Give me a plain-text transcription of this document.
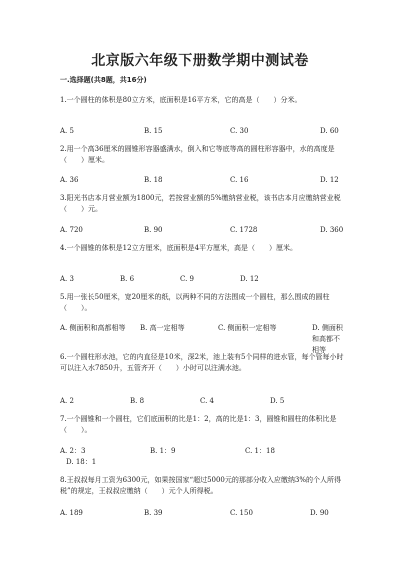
北京版六年级下册数学期中测试卷
一.选择题(共8题，共16分)
1.一个圆柱的体积是80立方米，底面积是16平方米，它的高是（　　）分米。
A. 5	B. 15	C. 30	D. 60
2.用一个高36厘米的圆锥形容器盛满水，倒入和它等底等高的圆柱形容器中，水的高度是（　　）厘米。
A. 36	B. 18	C. 16	D. 12
3.阳光书店本月营业额为1800元，若按营业额的5%缴纳营业税，该书店本月应缴纳营业税（　　）元。
A. 720	B. 90	C. 1728	D. 360
4.一个圆锥的体积是12立方厘米，底面积是4平方厘米，高是（　　）厘米。
A. 3	B. 6	C. 9	D. 12
5.用一张长50厘米，宽20厘米的纸，以两种不同的方法围成一个圆柱，那么围成的圆柱（　　）。
A. 侧面积和高都相等 B. 高一定相等	C. 侧面积一定相等	D. 侧面积和高都不相等
6.一个圆柱形水池，它的内直径是10米，深2米，池上装有5个同样的进水管，每个管每小时可以注入水7850升，五管齐开（　　）小时可以注满水池。
A. 2	B. 8	C. 4	D. 5
7.一个圆锥和一个圆柱，它们底面积的比是1：2，高的比是1：3，圆锥和圆柱的体积比是（　　）。
A. 2：3	B. 1：9	C. 1：18
D. 18：1
8.王叔叔每月工资为6300元，如果按国家“超过5000元的那部分收入应缴纳3%的个人所得税”的规定，王叔叔应缴纳（　　）元个人所得税。
A. 189	B. 39	C. 150	D. 90
